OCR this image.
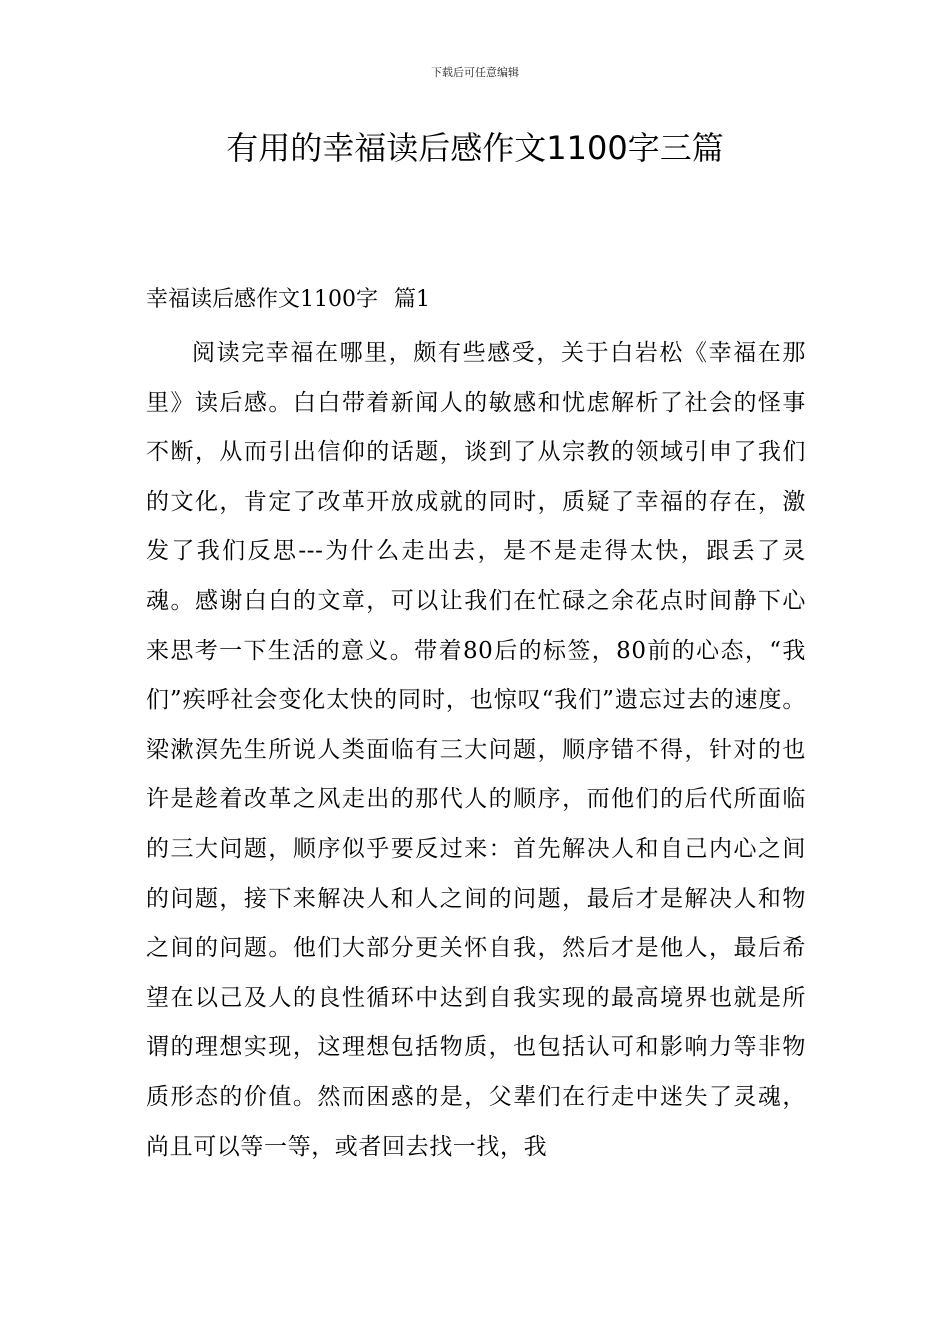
下载后可任意编辑
有用的幸福读后感作文1100字三篇
幸福读后感作文1100字 篇1

阅读完幸福在哪里，颇有些感受，关于白岩松《幸福在那里》读后感。白白带着新闻人的敏感和忧虑解析了社会的怪事不断，从而引出信仰的话题，谈到了从宗教的领域引申了我们的文化，肯定了改革开放成就的同时，质疑了幸福的存在，激发了我们反思---为什么走出去，是不是走得太快，跟丢了灵魂。感谢白白的文章，可以让我们在忙碌之余花点时间静下心来思考一下生活的意义。带着80后的标签，80前的心态，“我们”疾呼社会变化太快的同时，也惊叹“我们”遗忘过去的速度。梁漱溟先生所说人类面临有三大问题，顺序错不得，针对的也许是趁着改革之风走出的那代人的顺序，而他们的后代所面临的三大问题，顺序似乎要反过来：首先解决人和自己内心之间的问题，接下来解决人和人之间的问题，最后才是解决人和物之间的问题。他们大部分更关怀自我，然后才是他人，最后希望在以己及人的良性循环中达到自我实现的最高境界也就是所谓的理想实现，这理想包括物质，也包括认可和影响力等非物质形态的价值。然而困惑的是，父辈们在行走中迷失了灵魂，尚且可以等一等，或者回去找一找，我
